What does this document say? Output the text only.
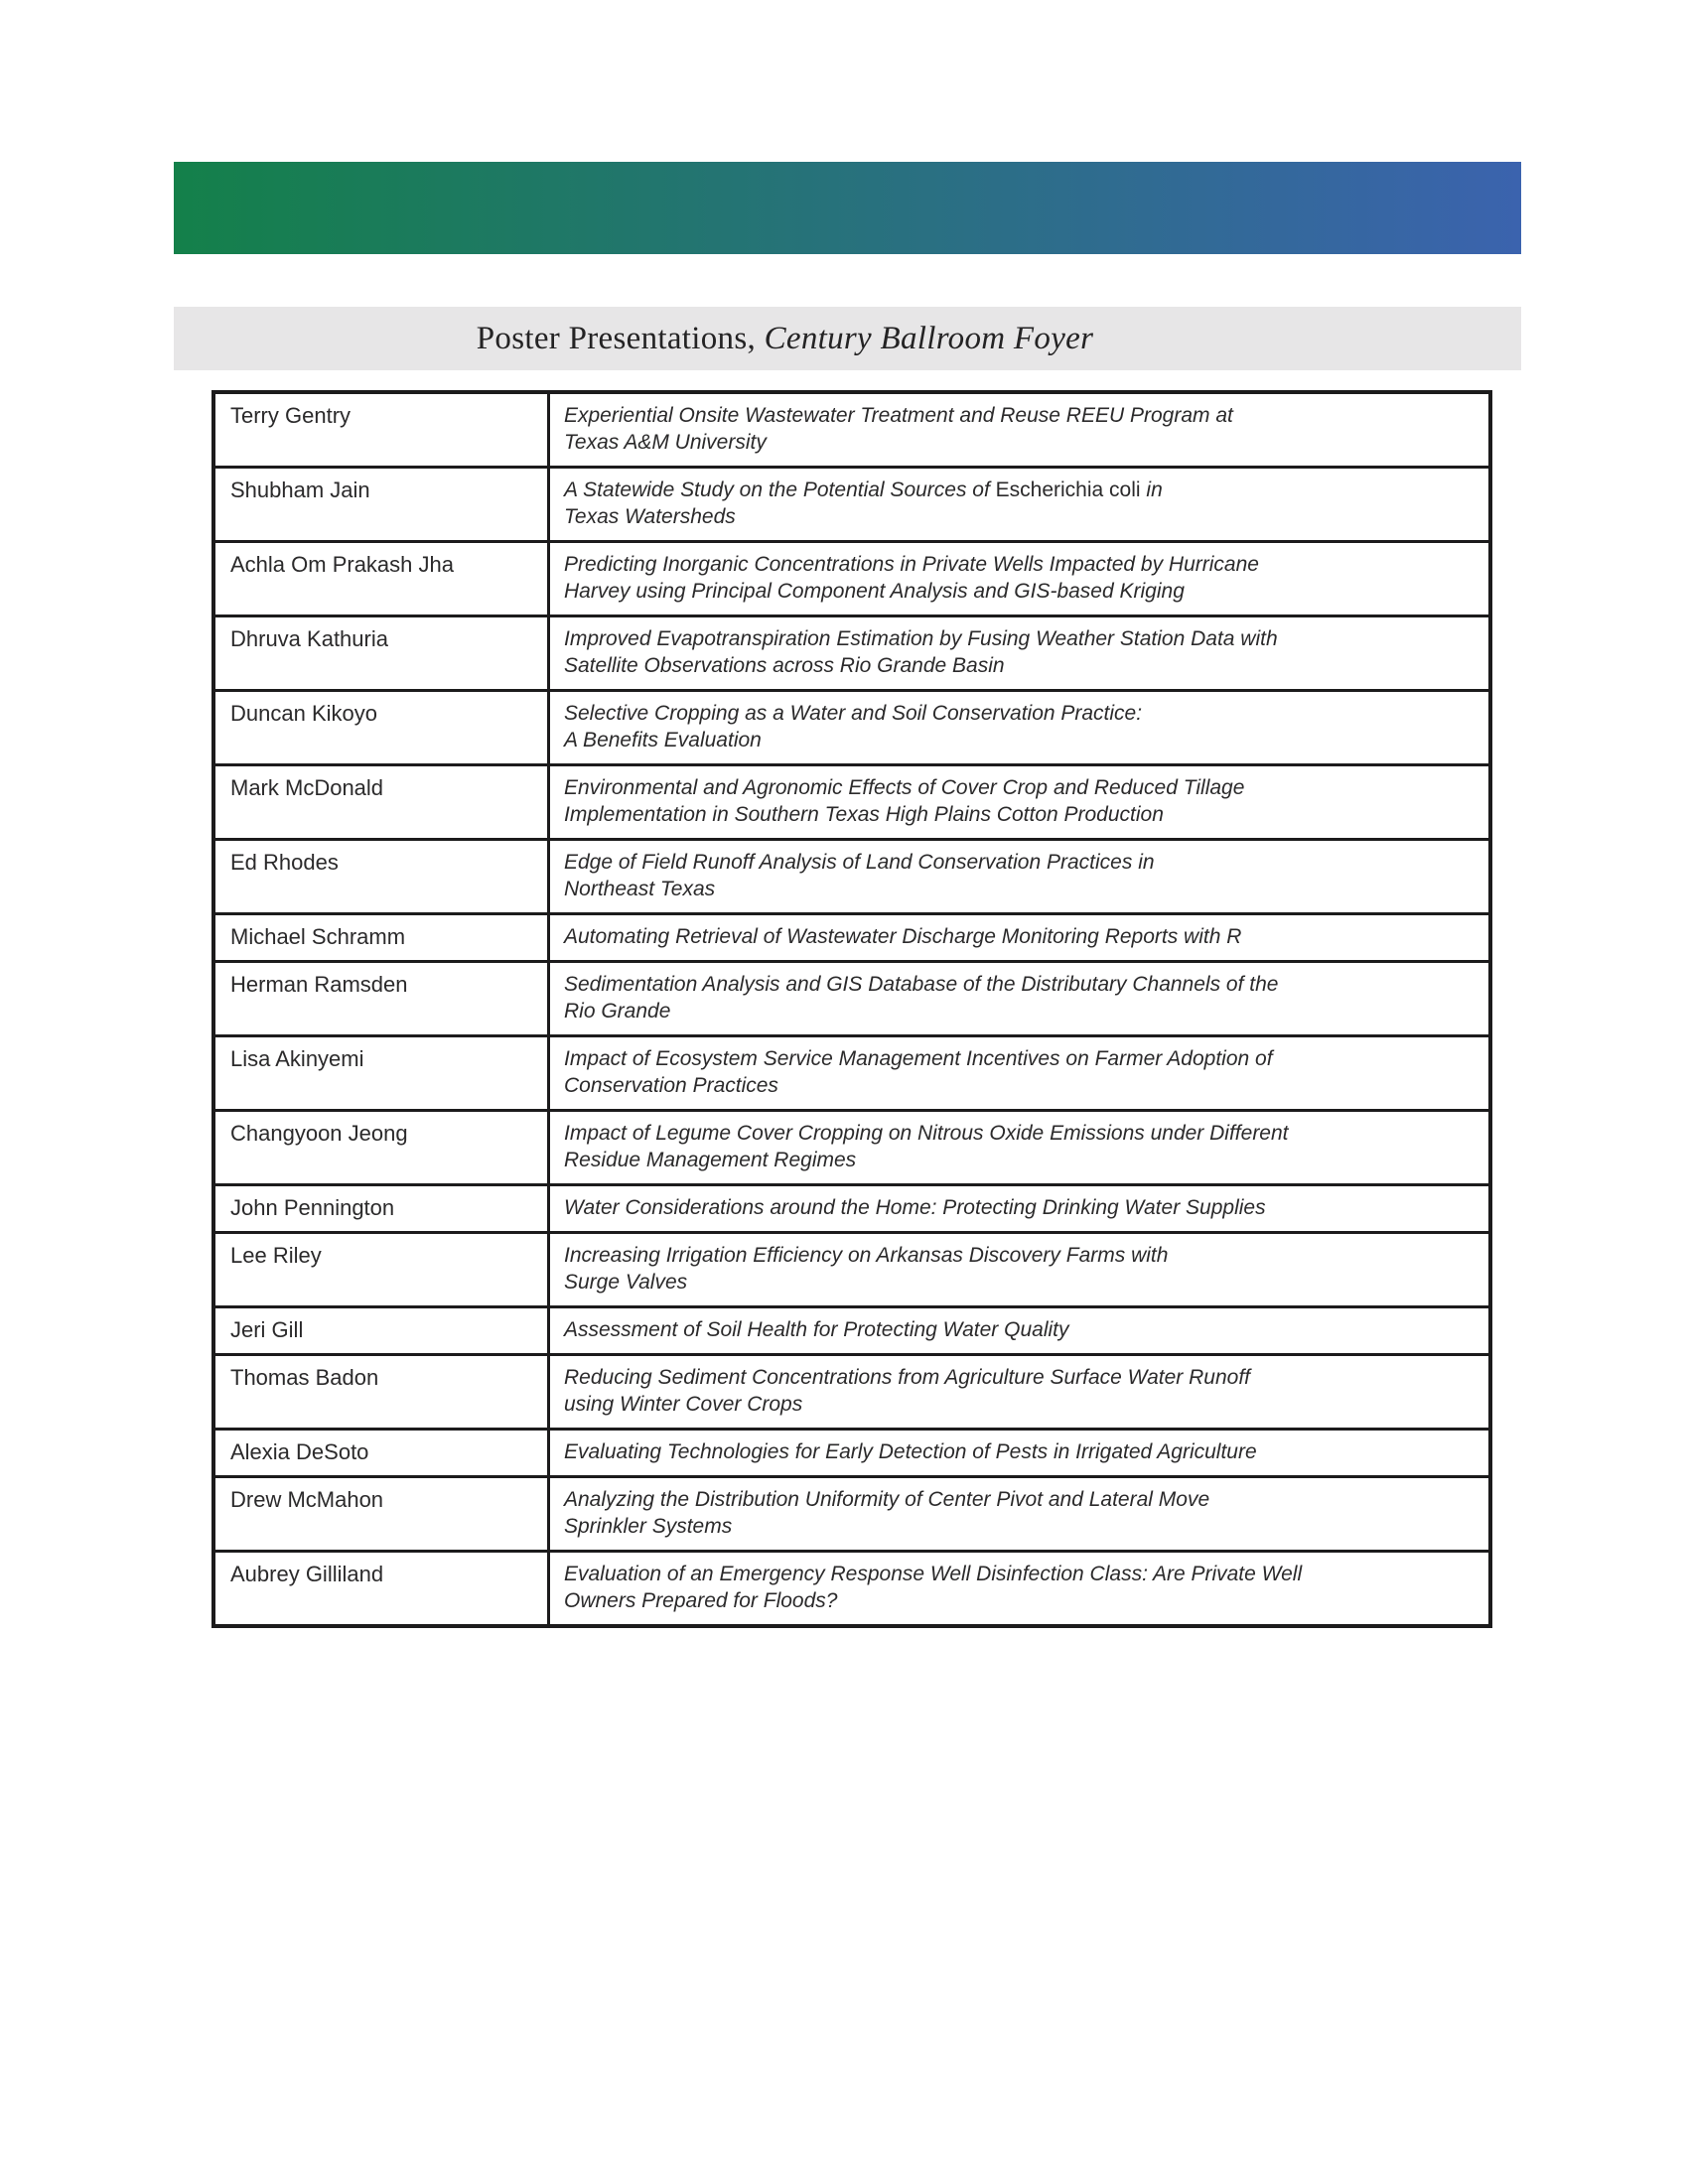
Poster Presentations, Century Ballroom Foyer
Terry Gentry	Experiential Onsite Wastewater Treatment and Reuse REEU Program at
Texas A&M University

Shubham Jain	A Statewide Study on the Potential Sources of Escherichia coli in
Texas Watersheds

Achla Om Prakash Jha	Predicting Inorganic Concentrations in Private Wells Impacted by Hurricane
Harvey using Principal Component Analysis and GIS-based Kriging

Dhruva Kathuria	Improved Evapotranspiration Estimation by Fusing Weather Station Data with
Satellite Observations across Rio Grande Basin

Duncan Kikoyo	Selective Cropping as a Water and Soil Conservation Practice:
A Benefits Evaluation

Mark McDonald	Environmental and Agronomic Effects of Cover Crop and Reduced Tillage
Implementation in Southern Texas High Plains Cotton Production

Ed Rhodes	Edge of Field Runoff Analysis of Land Conservation Practices in
Northeast Texas

Michael Schramm	Automating Retrieval of Wastewater Discharge Monitoring Reports with R

Herman Ramsden	Sedimentation Analysis and GIS Database of the Distributary Channels of the
Rio Grande

Lisa Akinyemi	Impact of Ecosystem Service Management Incentives on Farmer Adoption of
Conservation Practices

Changyoon Jeong	Impact of Legume Cover Cropping on Nitrous Oxide Emissions under Different
Residue Management Regimes

John Pennington	Water Considerations around the Home: Protecting Drinking Water Supplies

Lee Riley	Increasing Irrigation Efficiency on Arkansas Discovery Farms with
Surge Valves

Jeri Gill	Assessment of Soil Health for Protecting Water Quality

Thomas Badon	Reducing Sediment Concentrations from Agriculture Surface Water Runoff
using Winter Cover Crops

Alexia DeSoto	Evaluating Technologies for Early Detection of Pests in Irrigated Agriculture

Drew McMahon	Analyzing the Distribution Uniformity of Center Pivot and Lateral Move
Sprinkler Systems

Aubrey Gilliland	Evaluation of an Emergency Response Well Disinfection Class: Are Private Well
Owners Prepared for Floods?
